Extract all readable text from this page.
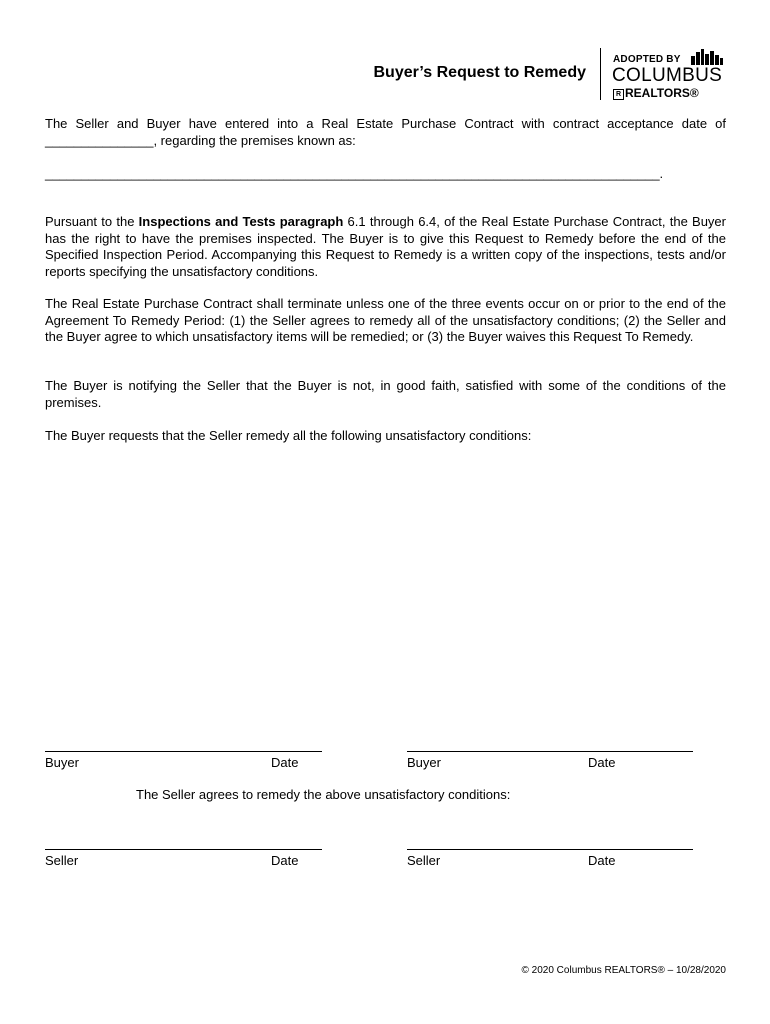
Buyer’s Request to Remedy
ADOPTED BY
COLUMBUS
R REALTORS®

The Seller and Buyer have entered into a Real Estate Purchase Contract with contract acceptance date of _______________, regarding the premises known as:

_____________________________________________________________________________________.

Pursuant to the Inspections and Tests paragraph 6.1 through 6.4, of the Real Estate Purchase Contract, the Buyer has the right to have the premises inspected. The Buyer is to give this Request to Remedy before the end of the Specified Inspection Period. Accompanying this Request to Remedy is a written copy of the inspections, tests and/or reports specifying the unsatisfactory conditions.

The Real Estate Purchase Contract shall terminate unless one of the three events occur on or prior to the end of the Agreement To Remedy Period: (1) the Seller agrees to remedy all of the unsatisfactory conditions; (2) the Seller and the Buyer agree to which unsatisfactory items will be remedied; or (3) the Buyer waives this Request To Remedy.

The Buyer is notifying the Seller that the Buyer is not, in good faith, satisfied with some of the conditions of the premises.

The Buyer requests that the Seller remedy all the following unsatisfactory conditions:

Buyer	Date	Buyer	Date
The Seller agrees to remedy the above unsatisfactory conditions:
Seller	Date	Seller	Date
© 2020 Columbus REALTORS® – 10/28/2020
